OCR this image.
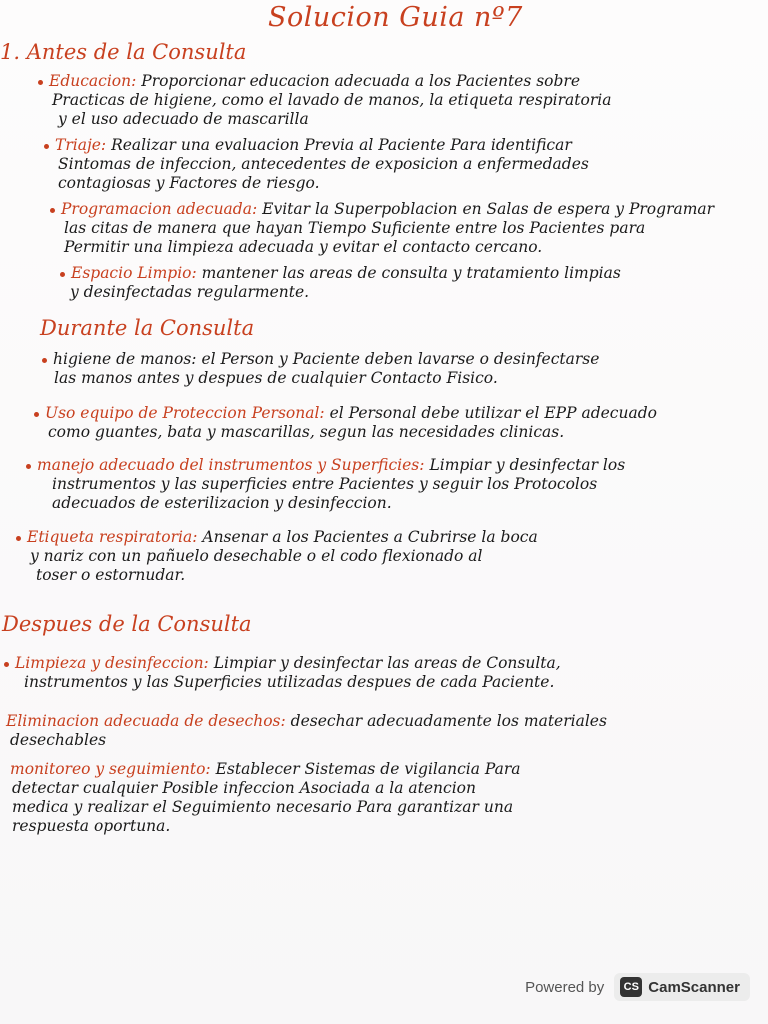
Solucion Guia nº7
1. Antes de la Consulta

Educacion: Proporcionar educacion adecuada a los Pacientes sobre

Practicas de higiene, como el lavado de manos, la etiqueta respiratoria

y el uso adecuado de mascarilla

Triaje: Realizar una evaluacion Previa al Paciente Para identificar

Sintomas de infeccion, antecedentes de exposicion a enfermedades

contagiosas y Factores de riesgo.

Programacion adecuada: Evitar la Superpoblacion en Salas de espera y Programar

las citas de manera que hayan Tiempo Suficiente entre los Pacientes para

Permitir una limpieza adecuada y evitar el contacto cercano.

Espacio Limpio: mantener las areas de consulta y tratamiento limpias

y desinfectadas regularmente.

Durante la Consulta

higiene de manos: el Person y Paciente deben lavarse o desinfectarse

las manos antes y despues de cualquier Contacto Fisico.

Uso equipo de Proteccion Personal: el Personal debe utilizar el EPP adecuado

como guantes, bata y mascarillas, segun las necesidades clinicas.

manejo adecuado del instrumentos y Superficies: Limpiar y desinfectar los

instrumentos y las superficies entre Pacientes y seguir los Protocolos

adecuados de esterilizacion y desinfeccion.

Etiqueta respiratoria: Ansenar a los Pacientes a Cubrirse la boca

y nariz con un pañuelo desechable o el codo flexionado al

toser o estornudar.

Despues de la Consulta

Limpieza y desinfeccion: Limpiar y desinfectar las areas de Consulta,

instrumentos y las Superficies utilizadas despues de cada Paciente.

Eliminacion adecuada de desechos: desechar adecuadamente los materiales

desechables

monitoreo y seguimiento: Establecer Sistemas de vigilancia Para

detectar cualquier Posible infeccion Asociada a la atencion

medica y realizar el Seguimiento necesario Para garantizar una

respuesta oportuna.

Powered by	CS CamScanner
